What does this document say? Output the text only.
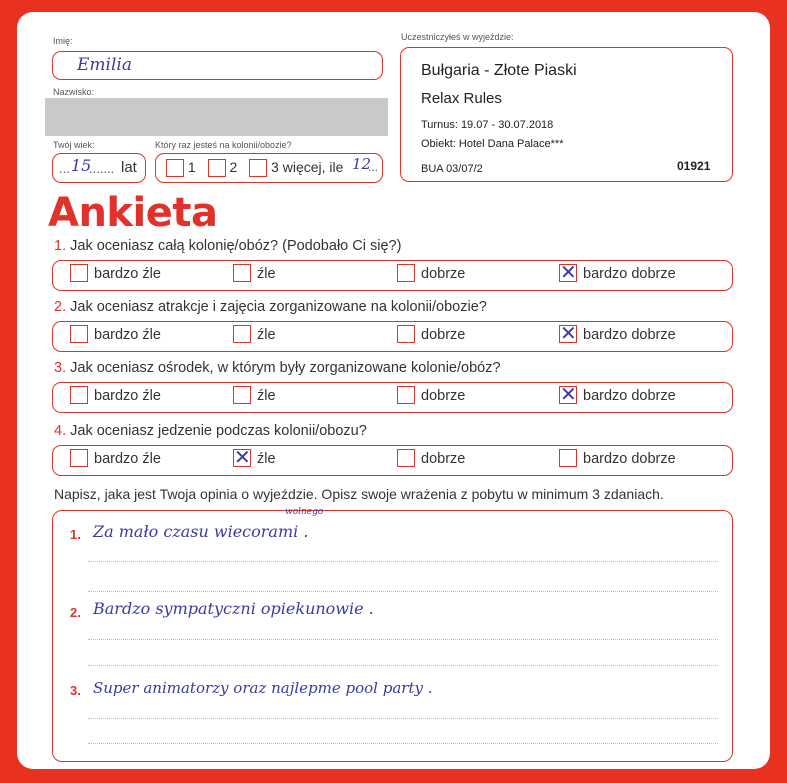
Imię:
Emilia
Nazwisko:
Twój wiek:
... 15
....... lat
Który raz jesteś na kolonii/obozie?
1 2 3 więcej, ile 12
...
Uczestniczyłeś w wyjeździe:
Bułgaria - Złote Piaski
Relax Rules
Turnus: 19.07 - 30.07.2018
Obiekt: Hotel Dana Palace***
BUA 03/07/2	01921
Ankieta
1. Jak oceniasz całą kolonię/obóz? (Podobało Ci się?)
bardzo źle	źle	dobrze	✕ bardzo dobrze
2. Jak oceniasz atrakcje i zajęcia zorganizowane na kolonii/obozie?
bardzo źle	źle	dobrze	✕ bardzo dobrze
3. Jak oceniasz ośrodek, w którym były zorganizowane kolonie/obóz?
bardzo źle	źle	dobrze	✕ bardzo dobrze
4. Jak oceniasz jedzenie podczas kolonii/obozu?
bardzo źle	✕ źle	dobrze	bardzo dobrze
Napisz, jaka jest Twoja opinia o wyjeździe. Opisz swoje wrażenia z pobytu w minimum 3 zdaniach.
1.
wolnego
Za mało czasu wiecorami .
2. Bardzo sympatyczni opiekunowie .
3. Super animatorzy oraz najlepme pool party .
